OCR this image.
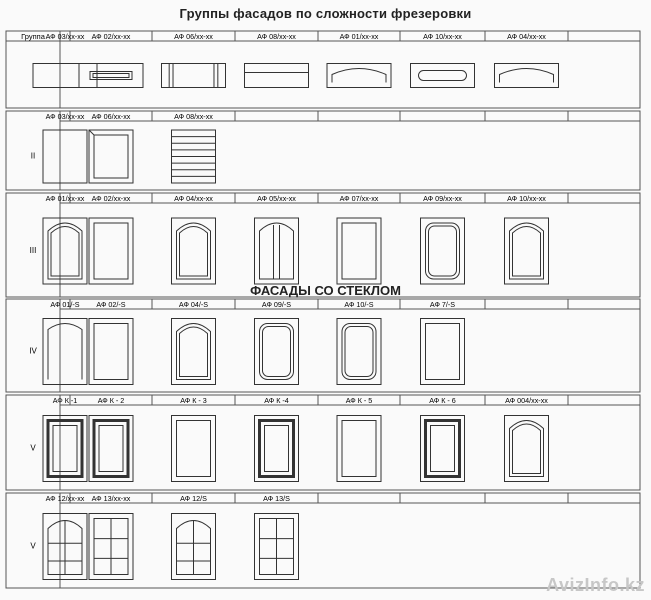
Группы фасадов по сложности фрезеровки
Группа
I
АФ 03/хх-хх АФ 02/хх-хх	АФ 06/хх-хх	АФ 08/хх-хх	АФ 01/хх-хх	АФ 10/хх-хх	АФ 04/хх-хх
II
АФ 03/хх-хх АФ 06/хх-хх	АФ 08/хх-хх
III
АФ 01/хх-хх АФ 02/хх-хх	АФ 04/хх-хх	АФ 05/хх-хх	АФ 07/хх-хх	АФ 09/хх-хх	АФ 10/хх-хх
IV
АФ 01/-S АФ 02/-S	АФ 04/-S	АФ 09/-S	АФ 10/-S	АФ 7/-S
V
АФ К -1	АФ К - 2	АФ К - 3	АФ К -4	АФ К - 5	АФ К - 6	АФ 004/хх-хх
V
АФ 12/хх-хх АФ 13/хх-хх	АФ 12/S	АФ 13/S
ФАСАДЫ СО СТЕКЛОМ
AvizInfo.kz
